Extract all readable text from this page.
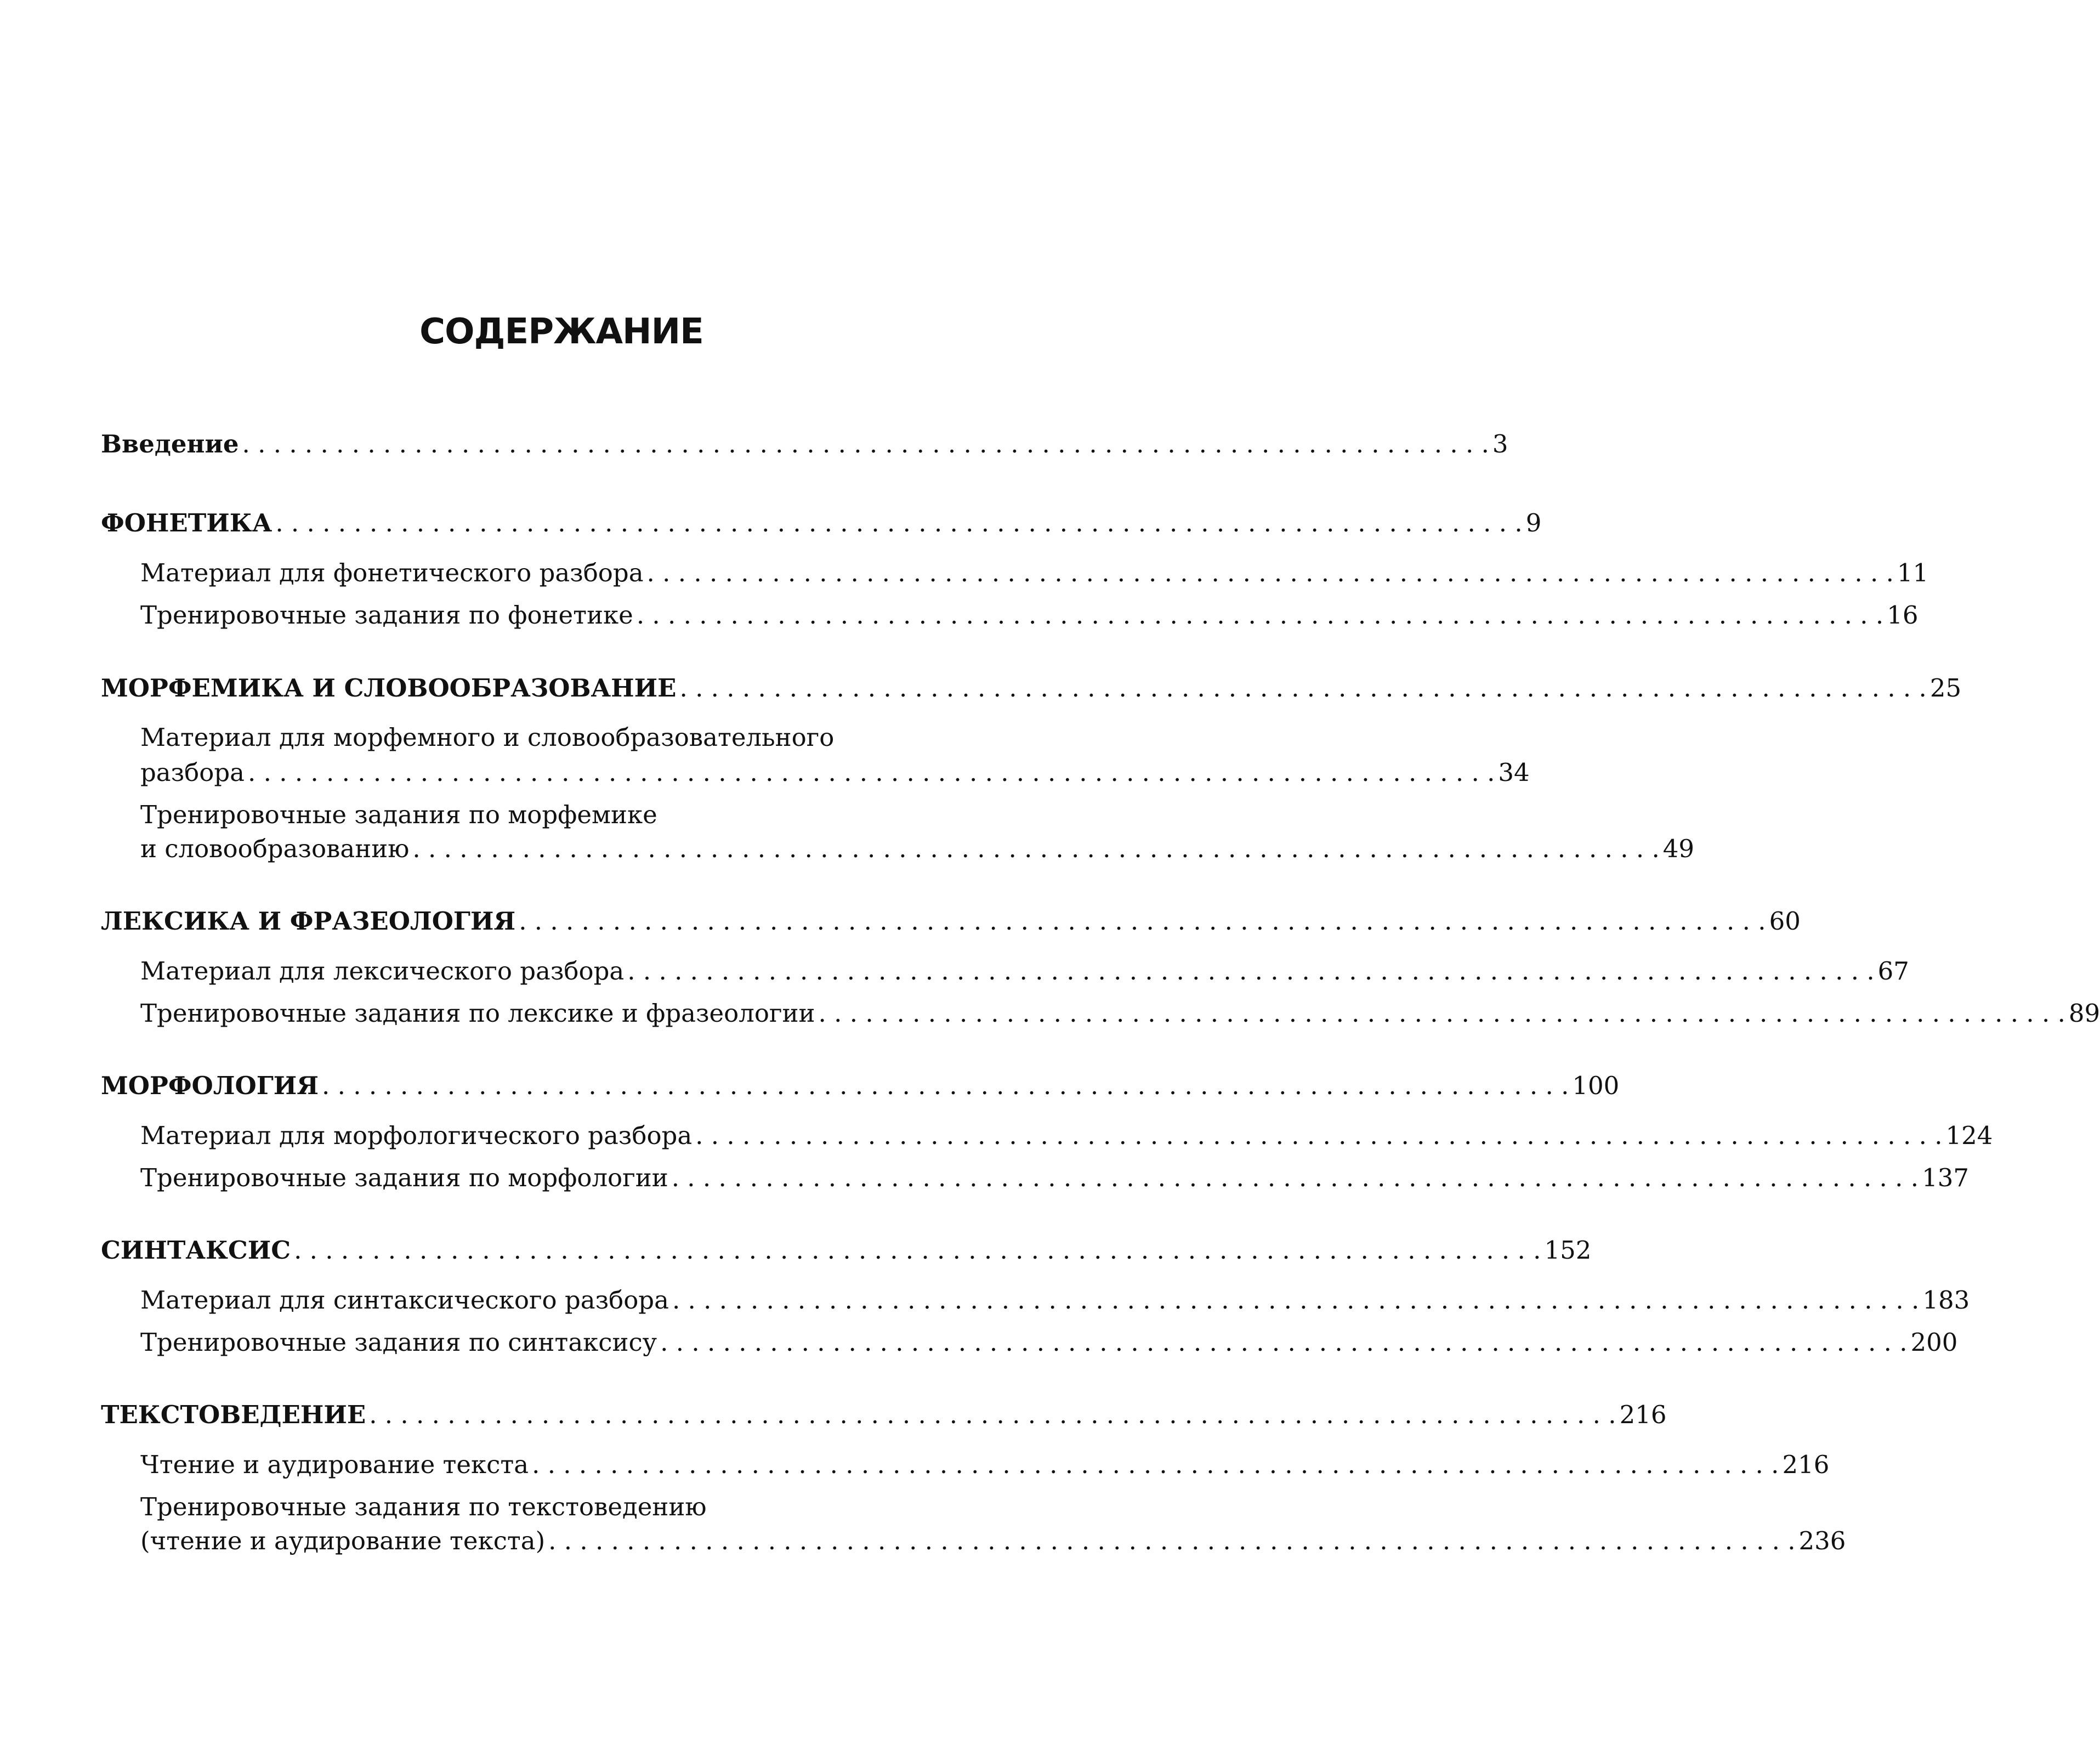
СОДЕРЖАНИЕ
Введение . . . . . . . . . . . . . . . . . . . . . . . . . . . . . . . . . . . . . . . . . . . . . . . . . . . . . . . . . . . . . . . . . . . . . . . . . . . . . . . . 3
ФОНЕТИКА . . . . . . . . . . . . . . . . . . . . . . . . . . . . . . . . . . . . . . . . . . . . . . . . . . . . . . . . . . . . . . . . . . . . . . . . . . . . . . . . 9
Материал для фонетического разбора . . . . . . . . . . . . . . . . . . . . . . . . . . . . . . . . . . . . . . . . . . . . . . . . . . . . . . . . . . . . . . . . . . . . . . . . . . . . . . . . 11
Тренировочные задания по фонетике . . . . . . . . . . . . . . . . . . . . . . . . . . . . . . . . . . . . . . . . . . . . . . . . . . . . . . . . . . . . . . . . . . . . . . . . . . . . . . . . 16
МОРФЕМИКА И СЛОВООБРАЗОВАНИЕ . . . . . . . . . . . . . . . . . . . . . . . . . . . . . . . . . . . . . . . . . . . . . . . . . . . . . . . . . . . . . . . . . . . . . . . . . . . . . . . . 25
Материал для морфемного и словообразовательного
разбора . . . . . . . . . . . . . . . . . . . . . . . . . . . . . . . . . . . . . . . . . . . . . . . . . . . . . . . . . . . . . . . . . . . . . . . . . . . . . . . . 34
Тренировочные задания по морфемике
и словообразованию . . . . . . . . . . . . . . . . . . . . . . . . . . . . . . . . . . . . . . . . . . . . . . . . . . . . . . . . . . . . . . . . . . . . . . . . . . . . . . . . 49
ЛЕКСИКА И ФРАЗЕОЛОГИЯ . . . . . . . . . . . . . . . . . . . . . . . . . . . . . . . . . . . . . . . . . . . . . . . . . . . . . . . . . . . . . . . . . . . . . . . . . . . . . . . . 60
Материал для лексического разбора . . . . . . . . . . . . . . . . . . . . . . . . . . . . . . . . . . . . . . . . . . . . . . . . . . . . . . . . . . . . . . . . . . . . . . . . . . . . . . . . 67
Тренировочные задания по лексике и фразеологии . . . . . . . . . . . . . . . . . . . . . . . . . . . . . . . . . . . . . . . . . . . . . . . . . . . . . . . . . . . . . . . . . . . . . . . . . . . . . . . . 89
МОРФОЛОГИЯ . . . . . . . . . . . . . . . . . . . . . . . . . . . . . . . . . . . . . . . . . . . . . . . . . . . . . . . . . . . . . . . . . . . . . . . . . . . . . . . . 100
Материал для морфологического разбора . . . . . . . . . . . . . . . . . . . . . . . . . . . . . . . . . . . . . . . . . . . . . . . . . . . . . . . . . . . . . . . . . . . . . . . . . . . . . . . . 124
Тренировочные задания по морфологии . . . . . . . . . . . . . . . . . . . . . . . . . . . . . . . . . . . . . . . . . . . . . . . . . . . . . . . . . . . . . . . . . . . . . . . . . . . . . . . . 137
СИНТАКСИС . . . . . . . . . . . . . . . . . . . . . . . . . . . . . . . . . . . . . . . . . . . . . . . . . . . . . . . . . . . . . . . . . . . . . . . . . . . . . . . . 152
Материал для синтаксического разбора . . . . . . . . . . . . . . . . . . . . . . . . . . . . . . . . . . . . . . . . . . . . . . . . . . . . . . . . . . . . . . . . . . . . . . . . . . . . . . . . 183
Тренировочные задания по синтаксису . . . . . . . . . . . . . . . . . . . . . . . . . . . . . . . . . . . . . . . . . . . . . . . . . . . . . . . . . . . . . . . . . . . . . . . . . . . . . . . . 200
ТЕКСТОВЕДЕНИЕ . . . . . . . . . . . . . . . . . . . . . . . . . . . . . . . . . . . . . . . . . . . . . . . . . . . . . . . . . . . . . . . . . . . . . . . . . . . . . . . . 216
Чтение и аудирование текста . . . . . . . . . . . . . . . . . . . . . . . . . . . . . . . . . . . . . . . . . . . . . . . . . . . . . . . . . . . . . . . . . . . . . . . . . . . . . . . . 216
Тренировочные задания по текстоведению
(чтение и аудирование текста) . . . . . . . . . . . . . . . . . . . . . . . . . . . . . . . . . . . . . . . . . . . . . . . . . . . . . . . . . . . . . . . . . . . . . . . . . . . . . . . . 236
